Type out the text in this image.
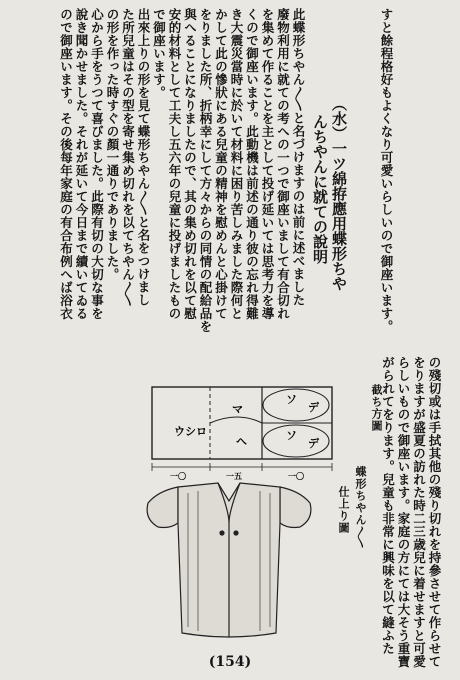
すと餘程格好もよくなり可愛いらしいので御座います。
（水）一ツ綿拵應用蝶形ちや
んちやんに就ての說明
此蝶形ちやん〳〵と名づけますのは前に述べました
廢物利用に就ての考への一つで御座いまして有合切れ
を集めて作ることを主として投げ延いては思考力を導
くので御座います。此動機は前述の通り彼の忘れ得難
き大震災當時に於いて材料に困り苦しみました際何と
かして此の慘狀にある兒童の精神を慰めんと心掛けて
をりました所、折柄幸にして方々からの同情の配給品を
與へることになりましたので、其の集め切れを以て慰
安的材料として工夫し五六年の兒童に投げましたもの
で御座います。
出來上りの形を見て蝶形ちやん〳〵と名をつけまし
た所兒童はその型を寄せ集め切れを以てちやん〳〵
の形を作った時すぐの顏一通りでありました。
心から手をうつて喜びました。此際有切の大切な事を
說き聞かせました。それが延いて今日まで續いてゐる
ので御座います。その後每年家庭の有合布例へば浴衣
ウシロ
マ
ヘ
ソ
デ
ソ
デ
一〇	一五	一〇
截ち方圖
蝶形ちやん〳〵
仕上り圖	の殘切或は手拭其他の殘り切れを持參させて作らせて
をりますが盛夏の訪れた時二三歳兒に着せますと可愛
らしいもので御座います。家庭の方にては大そう重寶
がられてをります。兒童も非常に興味を以て縫ふた
(154)
